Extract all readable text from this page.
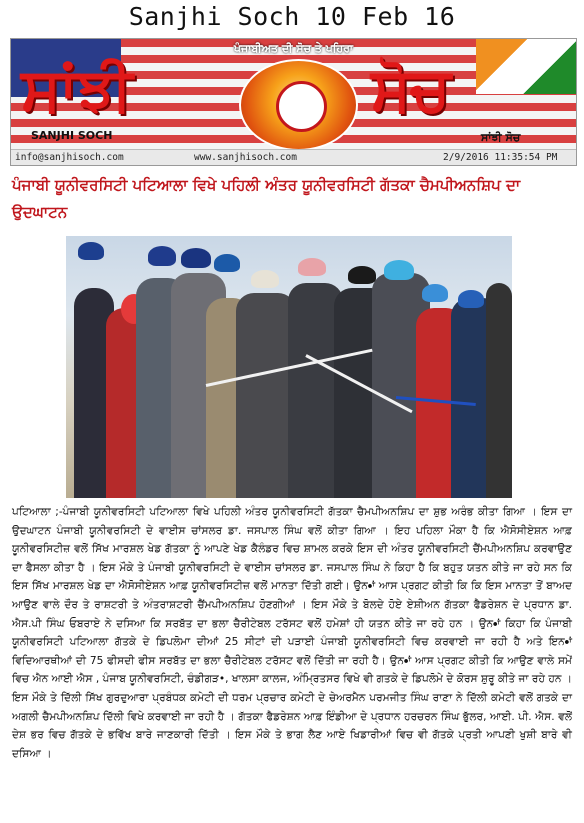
Sanjhi Soch 10 Feb 16
ਪੰਜਾਬੀਅਤ ਦੀ ਸੋਚ ਤੇ ਪਹਿਰਾ
ਸਾਂਝੀ	ਸੋਚ
SANJHI SOCH	ਸਾਂਝੀ ਸੋਚ
info@sanjhisoch.com	www.sanjhisoch.com	2/9/2016 11:35:54 PM
ਪੰਜਾਬੀ ਯੂਨੀਵਰਸਿਟੀ ਪਟਿਆਲਾ ਵਿਖੇ ਪਹਿਲੀ ਅੰਤਰ ਯੂਨੀਵਰਸਿਟੀ ਗੱਤਕਾ ਚੈਮਪੀਅਨਸ਼ਿਪ ਦਾ ਉਦਘਾਟਨ
ਪਟਿਆਲਾ ;-ਪੰਜਾਬੀ ਯੂਨੀਵਰਸਿਟੀ ਪਟਿਆਲਾ ਵਿਖੇ ਪਹਿਲੀ ਅੰਤਰ ਯੂਨੀਵਰਸਿਟੀ ਗੱਤਕਾ ਚੈਮਪੀਅਨਸ਼ਿਪ ਦਾ ਸ਼ੁਭ ਅਰੰਭ ਕੀਤਾ ਗਿਆ । ਇਸ ਦਾ ਉਦਘਾਟਨ ਪੰਜਾਬੀ ਯੂਨੀਵਰਸਿਟੀ ਦੇ ਵਾਈਸ ਚਾਂਸਲਰ ਡਾ. ਜਸਪਾਲ ਸਿੰਘ ਵਲੋਂ ਕੀਤਾ ਗਿਆ । ਇਹ ਪਹਿਲਾ ਮੌਕਾ ਹੈ ਕਿ ਐਸੋਸੀਏਸ਼ਨ ਆਫ਼ ਯੂਨੀਵਰਸਿਟੀਜ਼ ਵਲੋਂ ਸਿੱਖ ਮਾਰਸ਼ਲ ਖੇਡ ਗੱਤਕਾ ਨੂੰ ਆਪਣੇ ਖੇਡ ਕੈਲੰਡਰ ਵਿਚ ਸ਼ਾਮਲ ਕਰਕੇ ਇਸ ਦੀ ਅੰਤਰ ਯੂਨੀਵਰਸਿਟੀ ਚੈਂਮਪੀਅਨਸ਼ਿਪ ਕਰਵਾਉਣ ਦਾ ਫੈਸਲਾ ਕੀਤਾ ਹੈ । ਇਸ ਮੌਕੇ ਤੇ ਪੰਜਾਬੀ ਯੂਨੀਵਰਸਿਟੀ ਦੇ ਵਾਈਸ ਚਾਂਸਲਰ ਡਾ. ਜਸਪਾਲ ਸਿੰਘ ਨੇ ਕਿਹਾ ਹੈ ਕਿ ਬਹੁਤ ਯਤਨ ਕੀਤੇ ਜਾ ਰਹੇ ਸਨ ਕਿ ਇਸ ਸਿੱਖ ਮਾਰਸ਼ਲ ਖੇਡ ਦਾ ਐਸੋਸੀਏਸ਼ਨ ਆਫ਼ ਯੂਨੀਵਰਸਿਟੀਜ਼ ਵਲੋਂ ਮਾਨਤਾ ਦਿੱਤੀ ਗਈ। ਉਨ•ਾਂ ਆਸ ਪ੍ਰਗਟ ਕੀਤੀ ਕਿ ਕਿ ਇਸ ਮਾਨਤਾ ਤੋਂ ਬਾਅਦ ਆਉਣ ਵਾਲੇ ਦੌਰ ਤੇ ਰਾਸ਼ਟਰੀ ਤੇ ਅੰਤਰਾਸ਼ਟਰੀ ਚੈਂਮਪੀਅਨਸ਼ਿਪ ਹੋਣਗੀਆਂ । ਇਸ ਮੌਕੇ ਤੇ ਬੋਲਦੇ ਹੋਏ ਏਸ਼ੀਅਨ ਗੱਤਕਾ ਫੈਡਰੇਸ਼ਨ ਦੇ ਪ੍ਰਧਾਨ ਡਾ. ਐਸ.ਪੀ ਸਿੰਘ ਓਬਰਾਏ ਨੇ ਦਸਿਆ ਕਿ ਸਰਬੱਤ ਦਾ ਭਲਾ ਚੈਰੀਟੇਬਲ ਟਰੱਸਟ ਵਲੋਂ ਹਮੇਸ਼ਾਂ ਹੀ ਯਤਨ ਕੀਤੇ ਜਾ ਰਹੇ ਹਨ । ਉਨ•ਾਂ ਕਿਹਾ ਕਿ ਪੰਜਾਬੀ ਯੂਨੀਵਰਸਿਟੀ ਪਟਿਆਲਾ ਗੱਤਕੇ ਦੇ ਡਿਪਲੋਮਾ ਦੀਆਂ 25 ਸੀਟਾਂ ਦੀ ਪੜਾਈ ਪੰਜਾਬੀ ਯੂਨੀਵਰਸਿਟੀ ਵਿਚ ਕਰਵਾਈ ਜਾ ਰਹੀ ਹੈ ਅਤੇ ਇਨ•ਾਂ ਵਿਦਿਆਰਥੀਆਂ ਦੀ 75 ਫੀਸਦੀ ਫੀਸ ਸਰਬੱਤ ਦਾ ਭਲਾ ਚੈਰੀਟੇਬਲ ਟਰੱਸਟ ਵਲੋਂ ਦਿੱਤੀ ਜਾ ਰਹੀ ਹੈ। ਉਨ•ਾਂ ਆਸ ਪ੍ਰਗਟ ਕੀਤੀ ਕਿ ਆਉਣ ਵਾਲੇ ਸਮੇਂ ਵਿਚ ਐਨ ਆਈ ਐਸ , ਪੰਜਾਬ ਯੂਨੀਵਰਸਿਟੀ, ਚੰਡੀਗੜ•, ਖਾਲਸਾ ਕਾਲਜ, ਅੰਮ੍ਰਿਤਸਰ ਵਿਖੇ ਵੀ ਗਤਕੇ ਦੇ ਡਿਪਲੋਮੇ ਦੇ ਕੋਰਸ ਸ਼ੁਰੂ ਕੀਤੇ ਜਾ ਰਹੇ ਹਨ । ਇਸ ਮੌਕੇ ਤੇ ਦਿੱਲੀ ਸਿੱਖ ਗੁਰਦੁਆਰਾ ਪ੍ਰਬੰਧਕ ਕਮੇਟੀ ਦੀ ਧਰਮ ਪ੍ਰਚਾਰ ਕਮੇਟੀ ਦੇ ਚੇਅਰਮੈਨ ਪਰਮਜੀਤ ਸਿੰਘ ਰਾਣਾ ਨੇ ਦਿੱਲੀ ਕਮੇਟੀ ਵਲੋਂ ਗਤਕੇ ਦਾ ਅਗਲੀ ਚੈਮਪੀਅਨਸ਼ਿਪ ਦਿੱਲੀ ਵਿਖੇ ਕਰਵਾਈ ਜਾ ਰਹੀ ਹੈ । ਗੱਤਕਾ ਫੈਡਰੇਸ਼ਨ ਆਫ਼ ਇੰਡੀਆ ਦੇ ਪ੍ਰਧਾਨ ਹਰਚਰਨ ਸਿੰਘ ਭੁੱਲਰ, ਆਈ. ਪੀ. ਐਸ. ਵਲੋਂ ਦੇਸ਼ ਭਰ ਵਿਚ ਗੱਤਕੇ ਦੇ ਭਵਿੱਖ ਬਾਰੇ ਜਾਣਕਾਰੀ ਦਿੱਤੀ । ਇਸ ਮੌਕੇ ਤੇ ਭਾਗ ਲੈਣ ਆਏ ਖਿਡਾਰੀਆਂ ਵਿਚ ਵੀ ਗੱਤਕੇ ਪ੍ਰਤੀ ਆਪਣੀ ਖੁਸ਼ੀ ਬਾਰੇ ਵੀ ਦਸਿਆ ।
